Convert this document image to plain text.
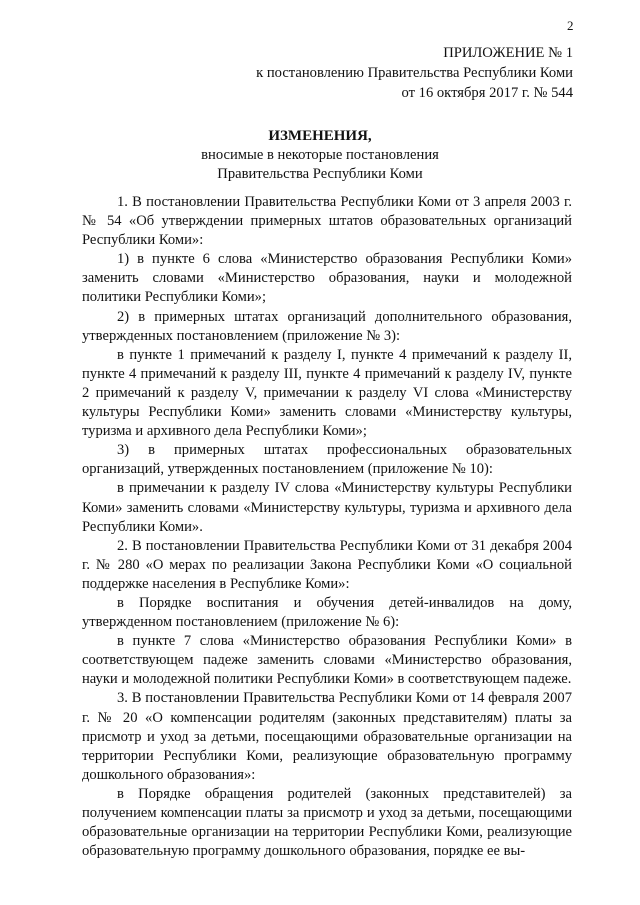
2
ПРИЛОЖЕНИЕ № 1
к постановлению Правительства Республики Коми
от 16 октября 2017 г. № 544
ИЗМЕНЕНИЯ,
вносимые в некоторые постановления
Правительства Республики Коми

1. В постановлении Правительства Республики Коми от 3 апреля 2003 г. № 54 «Об утверждении примерных штатов образовательных организаций Республики Коми»:

1) в пункте 6 слова «Министерство образования Республики Коми» заменить словами «Министерство образования, науки и молодежной политики Республики Коми»;

2) в примерных штатах организаций дополнительного образования, утвержденных постановлением (приложение № 3):

в пункте 1 примечаний к разделу I, пункте 4 примечаний к разделу II, пункте 4 примечаний к разделу III, пункте 4 примечаний к разделу IV, пункте 2 примечаний к разделу V, примечании к разделу VI слова «Министерству культуры Республики Коми» заменить словами «Министерству культуры, туризма и архивного дела Республики Коми»;

3) в примерных штатах профессиональных образовательных организаций, утвержденных постановлением (приложение № 10):

в примечании к разделу IV слова «Министерству культуры Республики Коми» заменить словами «Министерству культуры, туризма и архивного дела Республики Коми».

2. В постановлении Правительства Республики Коми от 31 декабря 2004 г. № 280 «О мерах по реализации Закона Республики Коми «О социальной поддержке населения в Республике Коми»:

в Порядке воспитания и обучения детей-инвалидов на дому, утвержденном постановлением (приложение № 6):

в пункте 7 слова «Министерство образования Республики Коми» в соответствующем падеже заменить словами «Министерство образования, науки и молодежной политики Республики Коми» в соответствующем падеже.

3. В постановлении Правительства Республики Коми от 14 февраля 2007 г. № 20 «О компенсации родителям (законных представителям) платы за присмотр и уход за детьми, посещающими образовательные организации на территории Республики Коми, реализующие образовательную программу дошкольного образования»:

в Порядке обращения родителей (законных представителей) за получением компенсации платы за присмотр и уход за детьми, посещающими образовательные организации на территории Республики Коми, реализующие образовательную программу дошкольного образования, порядке ее вы-
